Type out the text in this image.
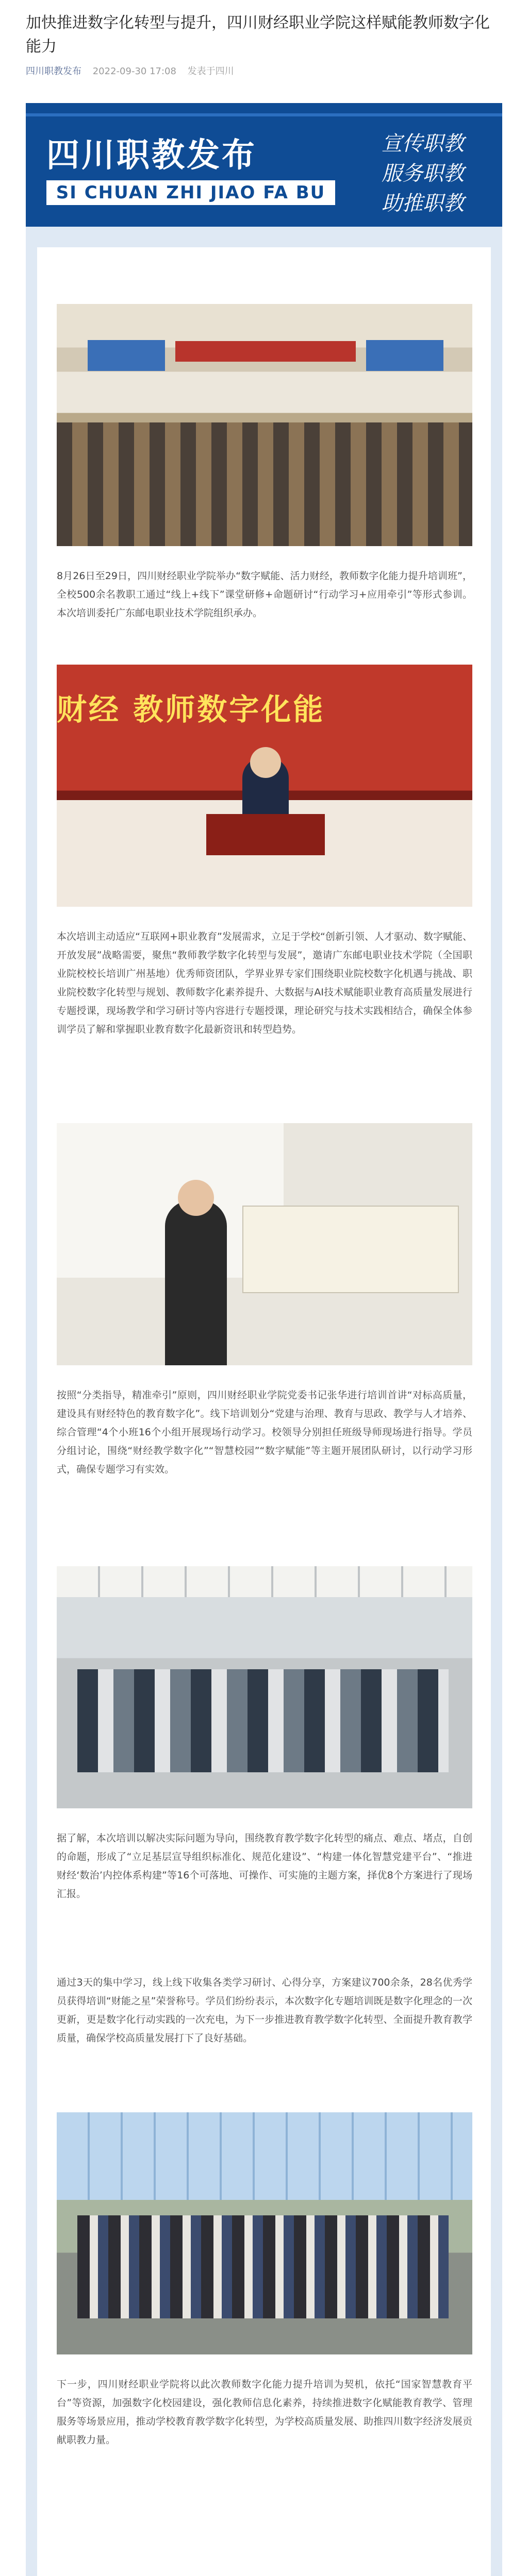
加快推进数字化转型与提升，四川财经职业学院这样赋能教师数字化能力
四川职教发布 2022-09-30 17:08 发表于四川
四川职教发布
SI CHUAN ZHI JIAO FA BU
宣传职教
服务职教
助推职教
8月26日至29日，四川财经职业学院举办“数字赋能、活力财经，教师数字化能力提升培训班”，全校500余名教职工通过“线上+线下”课堂研修+命题研讨“行动学习+应用牵引”等形式参训。本次培训委托广东邮电职业技术学院组织承办。
财经 教师数字化能
本次培训主动适应“互联网+职业教育”发展需求，立足于学校“创新引领、人才驱动、数字赋能、开放发展”战略需要，聚焦“教师教学数字化转型与发展”，邀请广东邮电职业技术学院（全国职业院校校长培训广州基地）优秀师资团队，学界业界专家们围绕职业院校数字化机遇与挑战、职业院校数字化转型与规划、教师数字化素养提升、大数据与AI技术赋能职业教育高质量发展进行专题授课，现场教学和学习研讨等内容进行专题授课，理论研究与技术实践相结合，确保全体参训学员了解和掌握职业教育数字化最新资讯和转型趋势。
按照“分类指导，精准牵引”原则，四川财经职业学院党委书记张华进行培训首讲“对标高质量，建设具有财经特色的教育数字化”。线下培训划分“党建与治理、教育与思政、教学与人才培养、综合管理“4个小班16个小组开展现场行动学习。校领导分别担任班级导师现场进行指导。学员分组讨论，围绕“财经教学数字化”“智慧校园”“数字赋能”等主题开展团队研讨，以行动学习形式，确保专题学习有实效。
据了解，本次培训以解决实际问题为导向，围绕教育教学数字化转型的痛点、难点、堵点，自创的命题，形成了“立足基层宣导组织标准化、规范化建设”、“构建一体化智慧党建平台”、“推进财经‘数治’内控体系构建”等16个可落地、可操作、可实施的主题方案，择优8个方案进行了现场汇报。
通过3天的集中学习，线上线下收集各类学习研讨、心得分享，方案建议700余条，28名优秀学员获得培训“财能之星”荣誉称号。学员们纷纷表示，本次数字化专题培训既是数字化理念的一次更新，更是数字化行动实践的一次充电，为下一步推进教育教学数字化转型、全面提升教育教学质量，确保学校高质量发展打下了良好基础。
下一步，四川财经职业学院将以此次教师数字化能力提升培训为契机，依托“国家智慧教育平台”等资源，加强数字化校园建设，强化教师信息化素养，持续推进数字化赋能教育教学、管理服务等场景应用，推动学校教育教学数字化转型，为学校高质量发展、助推四川数字经济发展贡献职教力量。
